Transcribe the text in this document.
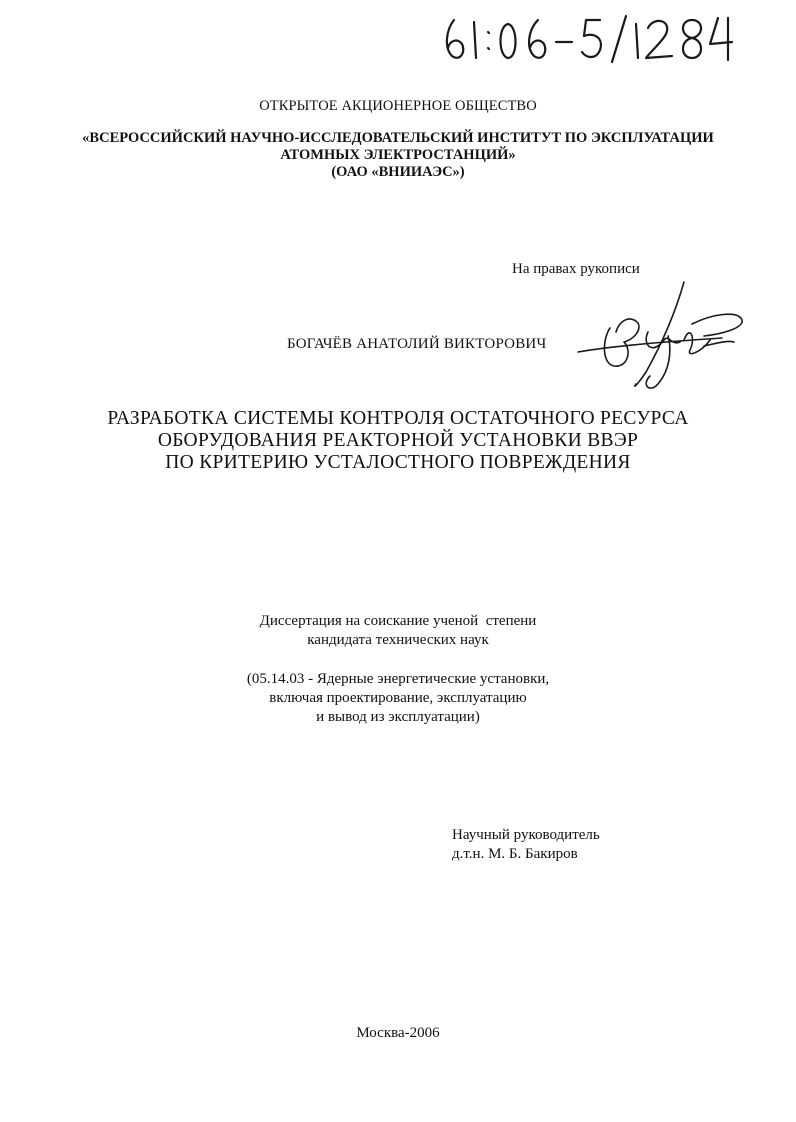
ОТКРЫТОЕ АКЦИОНЕРНОЕ ОБЩЕСТВО
«ВСЕРОССИЙСКИЙ НАУЧНО-ИССЛЕДОВАТЕЛЬСКИЙ ИНСТИТУТ ПО ЭКСПЛУАТАЦИИ
АТОМНЫХ ЭЛЕКТРОСТАНЦИЙ»
(ОАО «ВНИИАЭС»)
На правах рукописи
БОГАЧЁВ АНАТОЛИЙ ВИКТОРОВИЧ
РАЗРАБОТКА СИСТЕМЫ КОНТРОЛЯ ОСТАТОЧНОГО РЕСУРСА
ОБОРУДОВАНИЯ РЕАКТОРНОЙ УСТАНОВКИ ВВЭР
ПО КРИТЕРИЮ УСТАЛОСТНОГО ПОВРЕЖДЕНИЯ
Диссертация на соискание ученой  степени
кандидата технических наук
(05.14.03 - Ядерные энергетические установки,
включая проектирование, эксплуатацию
и вывод из эксплуатации)
Научный руководитель
д.т.н. М. Б. Бакиров
Москва-2006
